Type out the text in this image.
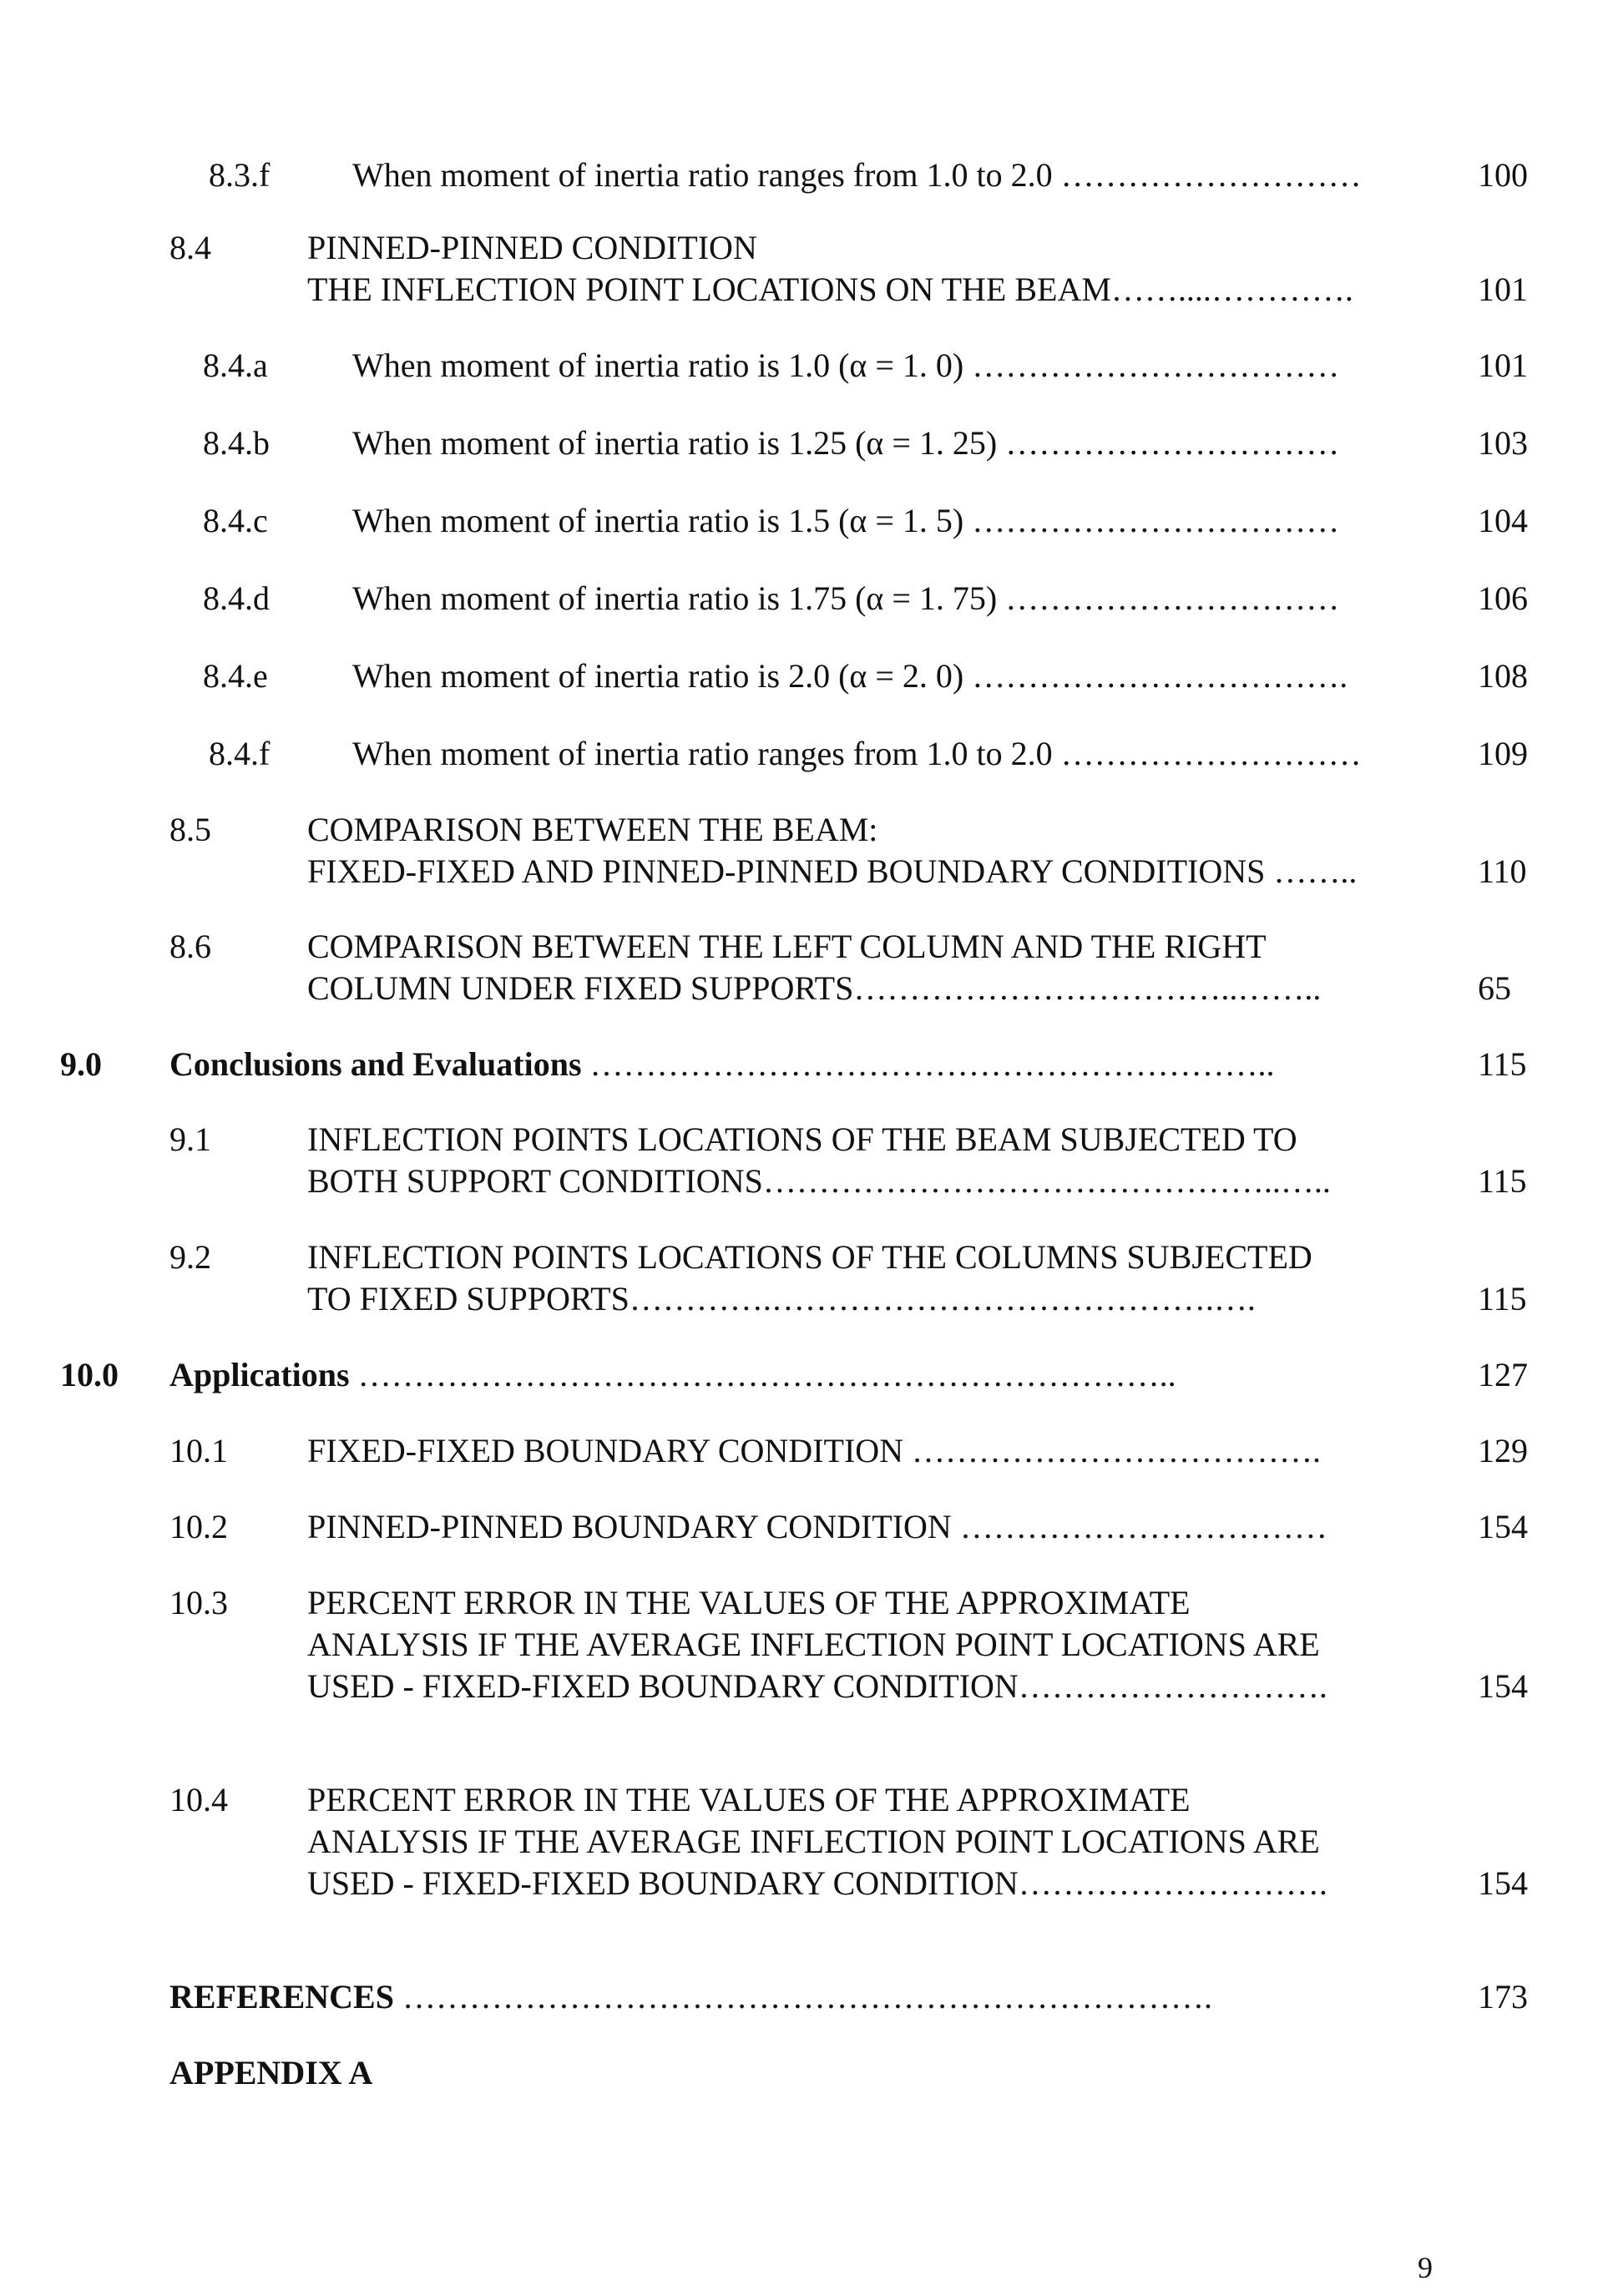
8.3.f When moment of inertia ratio ranges from 1.0 to 2.0 ………………………	100
8.4	PINNED-PINNED CONDITION
THE INFLECTION POINT LOCATIONS ON THE BEAM……....………….	101
8.4.a	When moment of inertia ratio is 1.0 (α = 1. 0) ……………………………	101
8.4.b When moment of inertia ratio is 1.25 (α = 1. 25) …………………………	103
8.4.c	When moment of inertia ratio is 1.5 (α = 1. 5) ……………………………	104
8.4.d When moment of inertia ratio is 1.75 (α = 1. 75) …………………………	106
8.4.e	When moment of inertia ratio is 2.0 (α = 2. 0) …………………………….	108
8.4.f When moment of inertia ratio ranges from 1.0 to 2.0 ………………………	109
8.5	COMPARISON BETWEEN THE BEAM:
FIXED-FIXED AND PINNED-PINNED BOUNDARY CONDITIONS ……..	110
8.6	COMPARISON BETWEEN THE LEFT COLUMN AND THE RIGHT
COLUMN UNDER FIXED SUPPORTS……………………………..……..	65
9.0 Conclusions and Evaluations ……………………………………………………..	115
9.1	INFLECTION POINTS LOCATIONS OF THE BEAM SUBJECTED TO
BOTH SUPPORT CONDITIONS………………………………………..…..	115
9.2	INFLECTION POINTS LOCATIONS OF THE COLUMNS SUBJECTED
TO FIXED SUPPORTS………….………………………………….….	115
10.0 Applications ………………………………………………………………..	127
10.1 FIXED-FIXED BOUNDARY CONDITION ……………………………….	129
10.2 PINNED-PINNED BOUNDARY CONDITION ……………………………	154
10.3 PERCENT ERROR IN THE VALUES OF THE APPROXIMATE
ANALYSIS IF THE AVERAGE INFLECTION POINT LOCATIONS ARE
USED - FIXED-FIXED BOUNDARY CONDITION……………………….	154
10.4 PERCENT ERROR IN THE VALUES OF THE APPROXIMATE
ANALYSIS IF THE AVERAGE INFLECTION POINT LOCATIONS ARE
USED - FIXED-FIXED BOUNDARY CONDITION……………………….	154
REFERENCES ……………………………………………………………….	173
APPENDIX A
9
